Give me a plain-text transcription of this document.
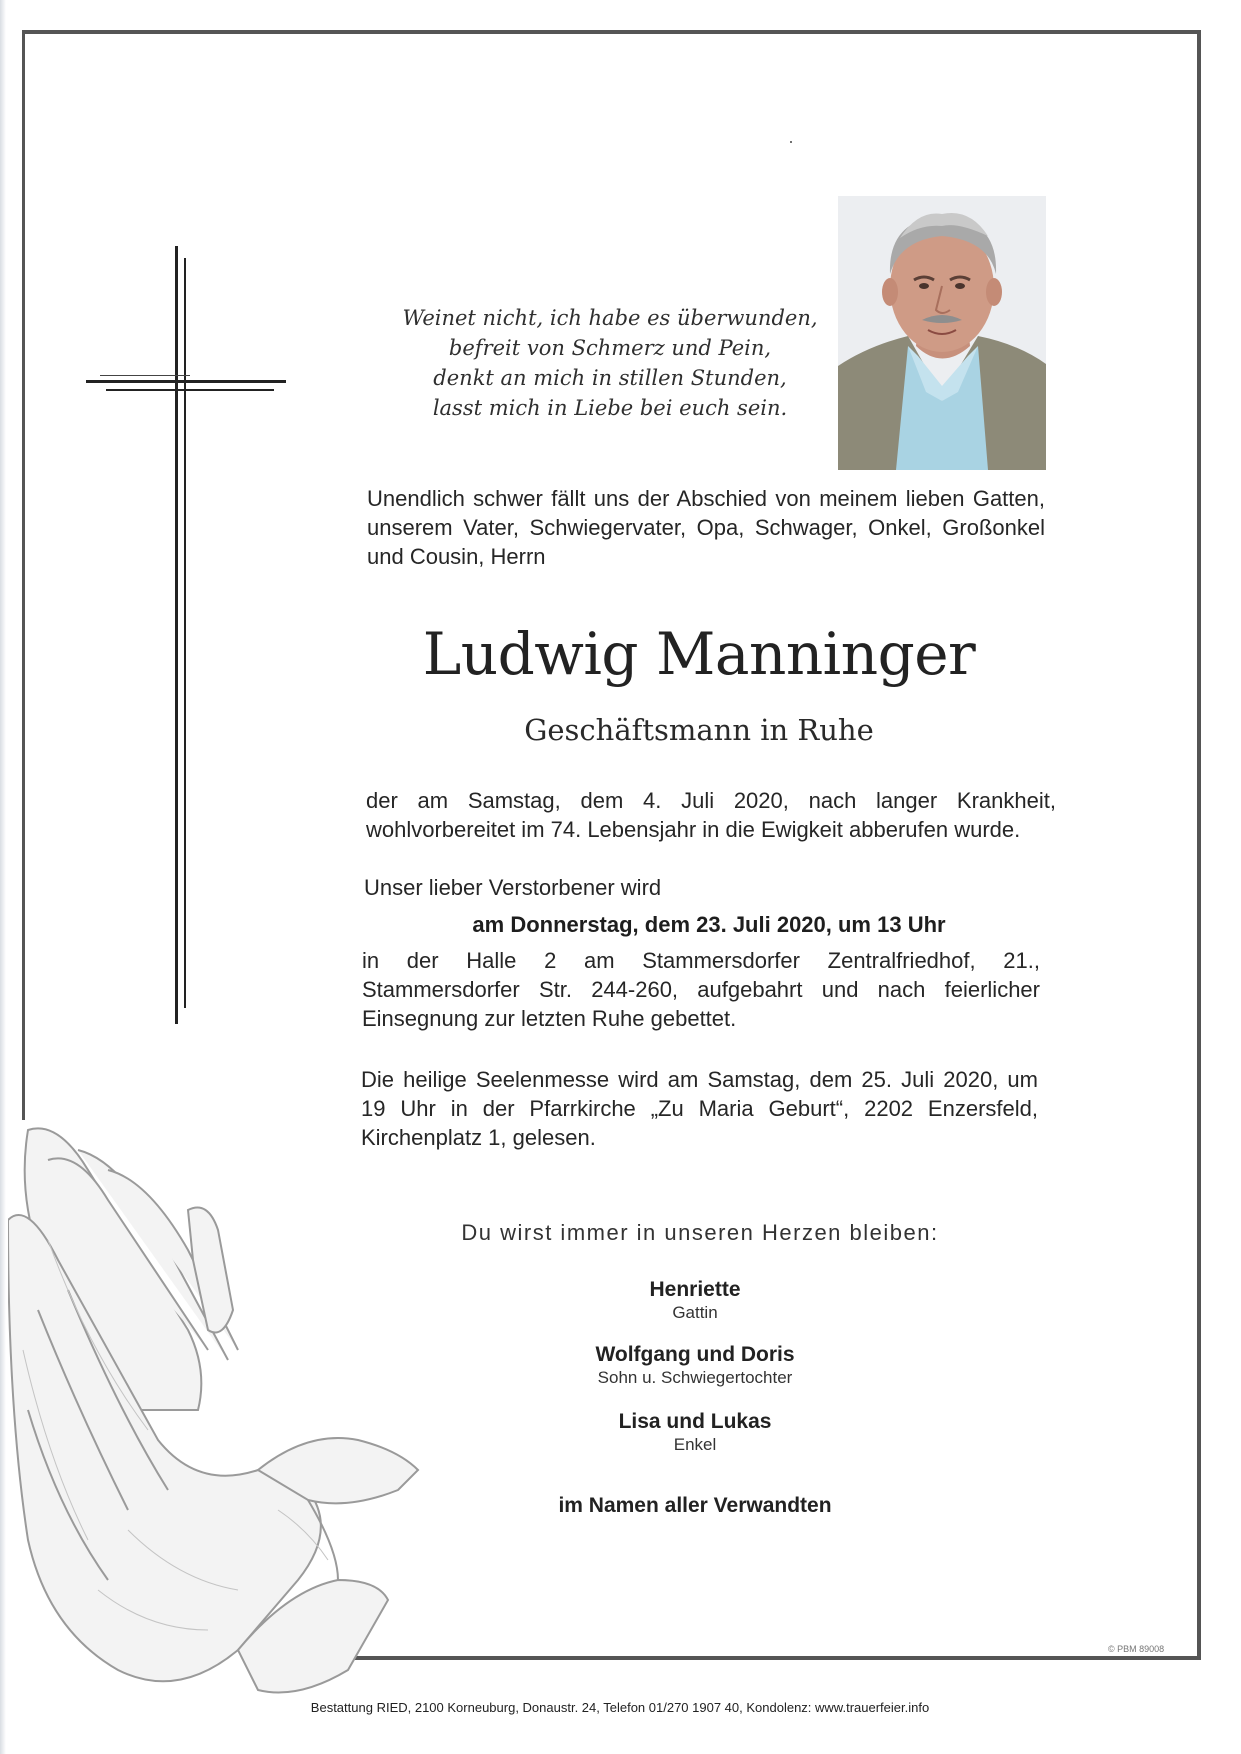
Weinet nicht, ich habe es überwunden,
befreit von Schmerz und Pein,
denkt an mich in stillen Stunden,
lasst mich in Liebe bei euch sein.
Unendlich schwer fällt uns der Abschied von meinem lieben Gatten, unserem Vater, Schwiegervater, Opa, Schwager, Onkel, Großonkel und Cousin, Herrn
Ludwig Manninger
Geschäftsmann in Ruhe
der am Samstag, dem 4. Juli 2020, nach langer Krankheit, wohlvorbereitet im 74. Lebensjahr in die Ewigkeit abberufen wurde.
Unser lieber Verstorbener wird
am Donnerstag, dem 23. Juli 2020, um 13 Uhr
in der Halle 2 am Stammersdorfer Zentralfriedhof, 21., Stammersdorfer Str. 244-260, aufgebahrt und nach feierlicher Einsegnung zur letzten Ruhe gebettet.
Die heilige Seelenmesse wird am Samstag, dem 25. Juli 2020, um 19 Uhr in der Pfarrkirche „Zu Maria Geburt“, 2202 Enzersfeld, Kirchenplatz 1, gelesen.
Du wirst immer in unseren Herzen bleiben:
Henriette
Gattin
Wolfgang und Doris
Sohn u. Schwiegertochter
Lisa und Lukas
Enkel
im Namen aller Verwandten
© PBM 89008
Bestattung RIED, 2100 Korneuburg, Donaustr. 24, Telefon 01/270 1907 40, Kondolenz: www.trauerfeier.info
